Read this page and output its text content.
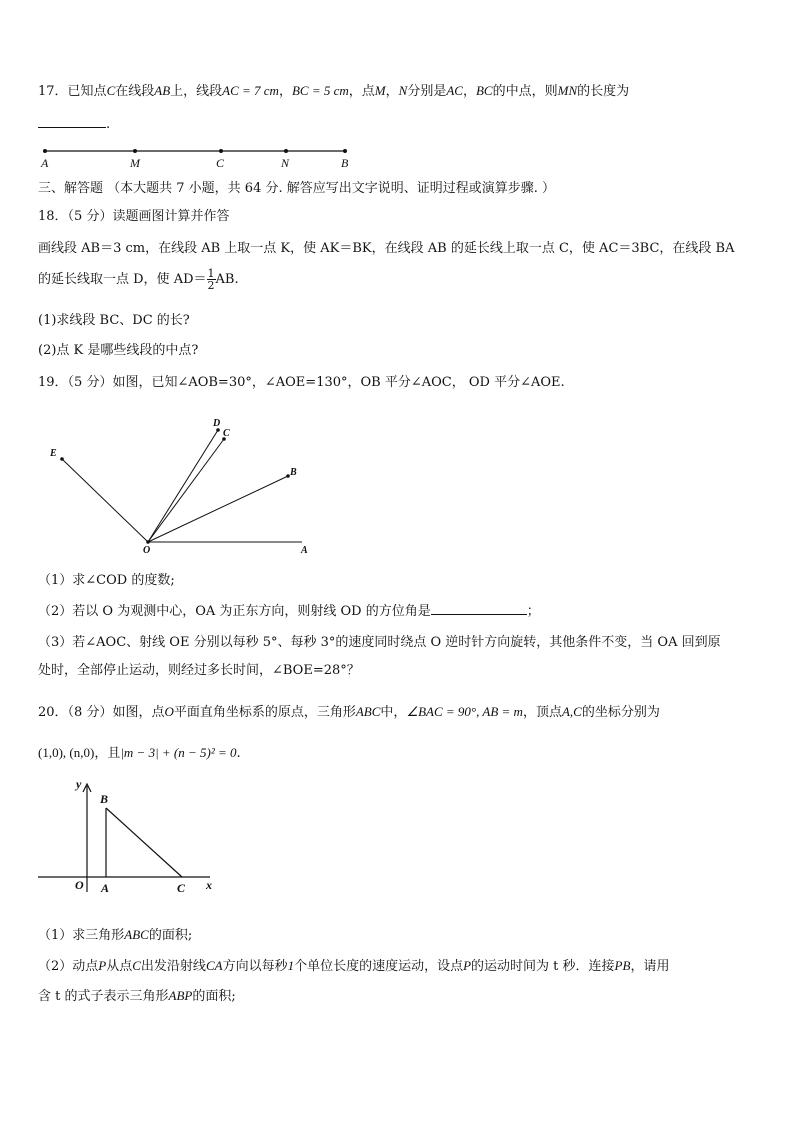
17．已知点C在线段AB上，线段AC = 7 cm，BC = 5 cm，点M，N分别是AC，BC的中点，则MN的长度为
.
A	M	C	N	B
三、解答题 （本大题共 7 小题，共 64 分. 解答应写出文字说明、证明过程或演算步骤. ）
18．（5 分）读题画图计算并作答
画线段 AB＝3 cm，在线段 AB 上取一点 K，使 AK＝BK，在线段 AB 的延长线上取一点 C，使 AC＝3BC，在线段 BA
的延长线取一点 D，使 $AD= \frac{1}{2}$ AB.
(1)求线段 BC、DC 的长?
(2)点 K 是哪些线段的中点?
19．（5 分）如图，已知∠AOB=30°，∠AOE=130°，OB 平分∠AOC， OD 平分∠AOE.
E
D
C
B
O	A
（1）求∠COD 的度数;
（2）若以 O 为观测中心，OA 为正东方向，则射线 OD 的方位角是	；
（3）若∠AOC、射线 OE 分别以每秒 5°、每秒 3°的速度同时绕点 O 逆时针方向旋转，其他条件不变，当 OA 回到原
处时，全部停止运动，则经过多长时间，∠BOE=28°？
20．（8 分）如图，点O平面直角坐标系的原点，三角形ABC中，∠BAC = 90°, AB = m，顶点A,C的坐标分别为
(1,0), (n,0)，且|m − 3| + (n − 5)² = 0.
y
B
O A	C x
（1）求三角形ABC的面积;
（2）动点P从点C出发沿射线CA方向以每秒1个单位长度的速度运动，设点P的运动时间为 t 秒．连接PB，请用
含 t 的式子表示三角形ABP的面积;
